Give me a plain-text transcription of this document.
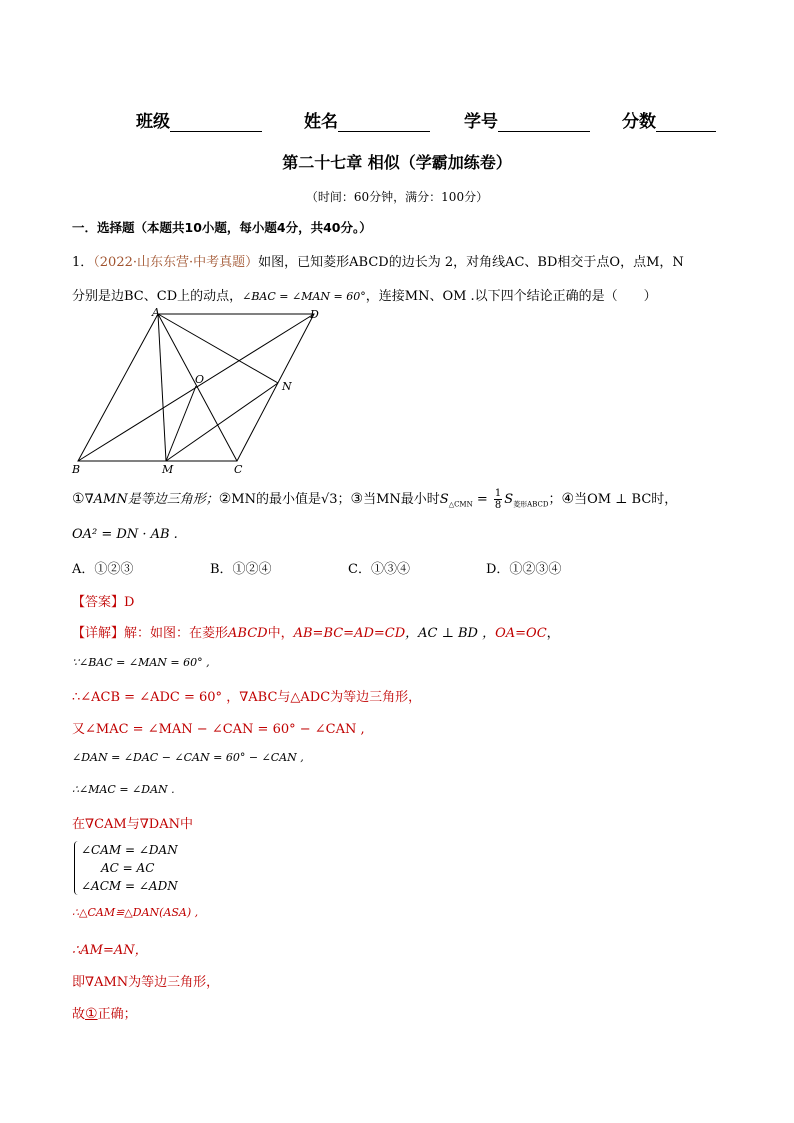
班级	姓名	学号	分数
第二十七章 相似（学霸加练卷）
（时间：60分钟，满分：100分）
一．选择题（本题共10小题，每小题4分，共40分。）
1．（2022·山东东营·中考真题）如图，已知菱形ABCD的边长为 2，对角线AC、BD相交于点O，点M，N
分别是边BC、CD上的动点，∠BAC = ∠MAN = 60°，连接MN、OM .以下四个结论正确的是（　　）
A	D
O
N
B	M	C
①∇AMN是等边三角形；②MN的最小值是√3；③当MN最小时$S_{\triangle CMN} = \frac{1}{8} S_{菱形ABCD}$；④当OM ⊥ BC时，
OA² = DN · AB .
A．①②③	B．①②④	C．①③④	D．①②③④
【答案】D
【详解】解：如图：在菱形ABCD中，AB=BC=AD=CD，AC ⊥ BD ，OA=OC，
∵∠BAC = ∠MAN = 60° ,
∴∠ACB = ∠ADC = 60° ，∇ABC与△ADC为等边三角形，
又∠MAC = ∠MAN − ∠CAN = 60° − ∠CAN ,
∠DAN = ∠DAC − ∠CAN = 60° − ∠CAN ,
∴∠MAC = ∠DAN .
在∇CAM与∇DAN中
∠CAM = ∠DAN
AC = AC
∠ACM = ∠ADN
∴△CAM≌△DAN(ASA) ,
∴AM=AN，
即∇AMN为等边三角形，
故①正确；
